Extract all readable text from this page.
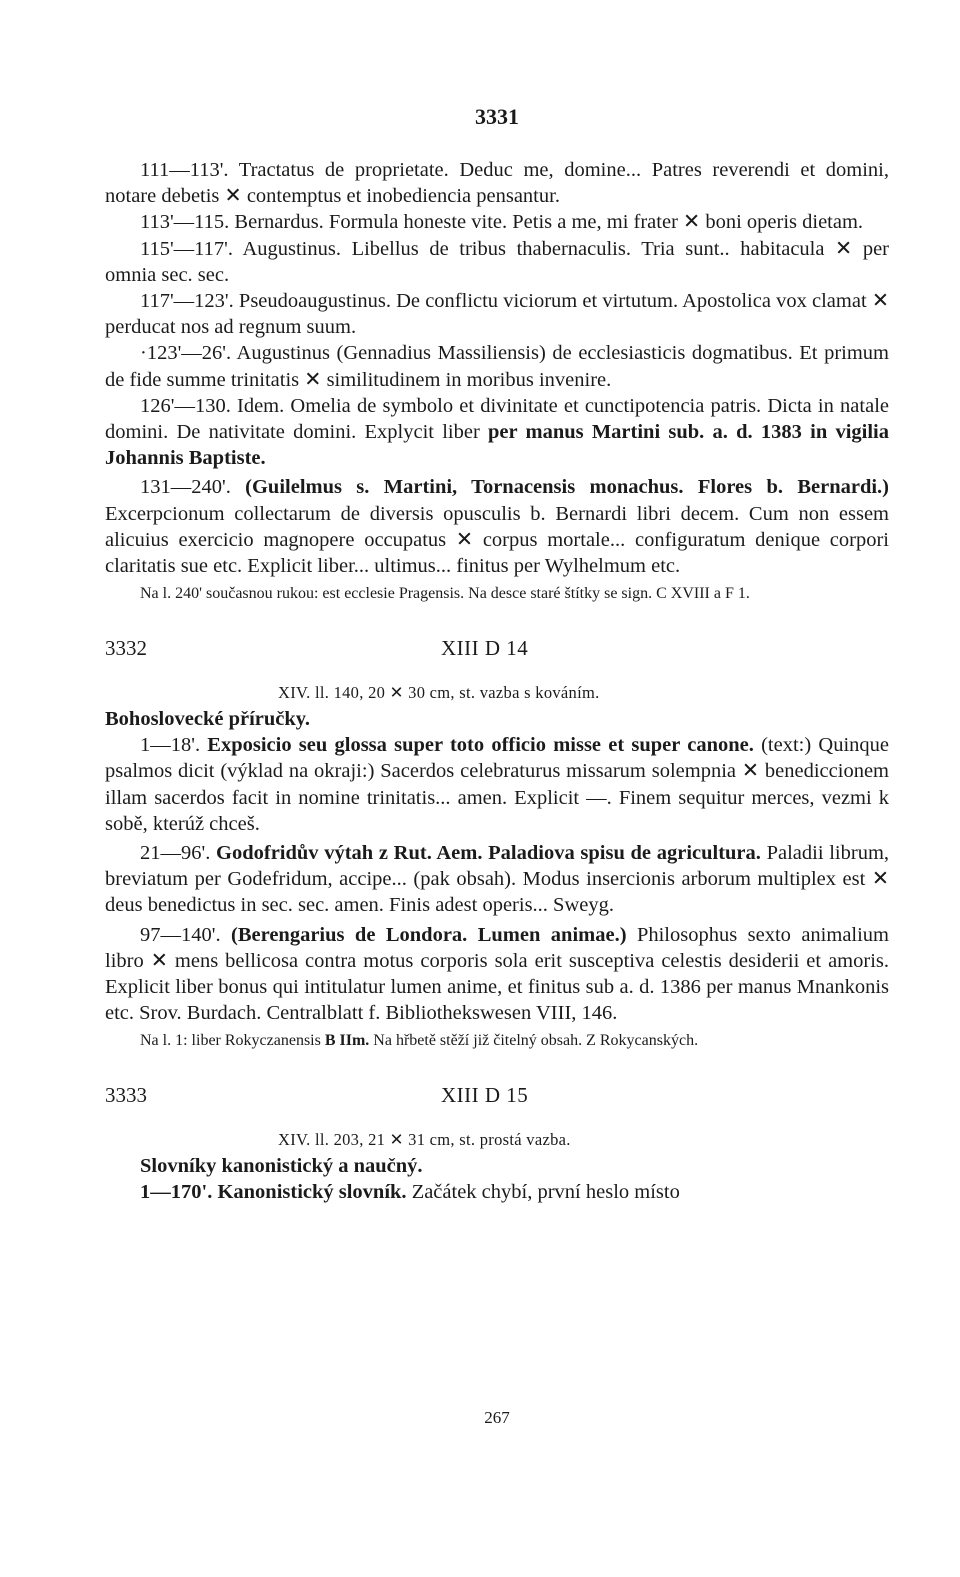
3331

111—113'. Tractatus de proprietate. Deduc me, domine... Patres reverendi et domini, notare debetis ✕ contemptus et inobediencia pensantur.

113'—115. Bernardus. Formula honeste vite. Petis a me, mi frater ✕ boni operis dietam.

115'—117'. Augustinus. Libellus de tribus thabernaculis. Tria sunt.. habitacula ✕ per omnia sec. sec.

117'—123'. Pseudoaugustinus. De conflictu viciorum et virtutum. Apostolica vox clamat ✕ perducat nos ad regnum suum.

·123'—26'. Augustinus (Gennadius Massiliensis) de ecclesiasticis dogmatibus. Et primum de fide summe trinitatis ✕ similitudinem in moribus invenire.

126'—130. Idem. Omelia de symbolo et divinitate et cunctipotencia patris. Dicta in natale domini. De nativitate domini. Explycit liber per manus Martini sub. a. d. 1383 in vigilia Johannis Baptiste.

131—240'. (Guilelmus s. Martini, Tornacensis monachus. Flores b. Bernardi.) Excerpcionum collectarum de diversis opusculis b. Bernardi libri decem. Cum non essem alicuius exercicio magnopere occupatus ✕ corpus mortale... configuratum denique corpori claritatis sue etc. Explicit liber... ultimus... finitus per Wylhelmum etc.

Na l. 240' současnou rukou: est ecclesie Pragensis. Na desce staré štítky se sign. C XVIII a F 1.

3332	XIII D 14
XIV. ll. 140, 20 ✕ 30 cm, st. vazba s kováním.
Bohoslovecké příručky.

1—18'. Exposicio seu glossa super toto officio misse et super canone. (text:) Quinque psalmos dicit (výklad na okraji:) Sacerdos celebraturus missarum solempnia ✕ benediccionem illam sacerdos facit in nomine trinitatis... amen. Explicit —. Finem sequitur merces, vezmi k sobě, kterúž chceš.

21—96'. Godofridův výtah z Rut. Aem. Paladiova spisu de agricultura. Paladii librum, breviatum per Godefridum, accipe... (pak obsah). Modus insercionis arborum multiplex est ✕ deus benedictus in sec. sec. amen. Finis adest operis... Sweyg.

97—140'. (Berengarius de Londora. Lumen animae.) Philosophus sexto animalium libro ✕ mens bellicosa contra motus corporis sola erit susceptiva celestis desiderii et amoris. Explicit liber bonus qui intitulatur lumen anime, et finitus sub a. d. 1386 per manus Mnankonis etc. Srov. Burdach. Centralblatt f. Bibliothekswesen VIII, 146.

Na l. 1: liber Rokyczanensis B IIm. Na hřbetě stěží již čitelný obsah. Z Rokycanských.

3333	XIII D 15
XIV. ll. 203, 21 ✕ 31 cm, st. prostá vazba.
Slovníky kanonistický a naučný.

1—170'. Kanonistický slovník. Začátek chybí, první heslo místo

267
